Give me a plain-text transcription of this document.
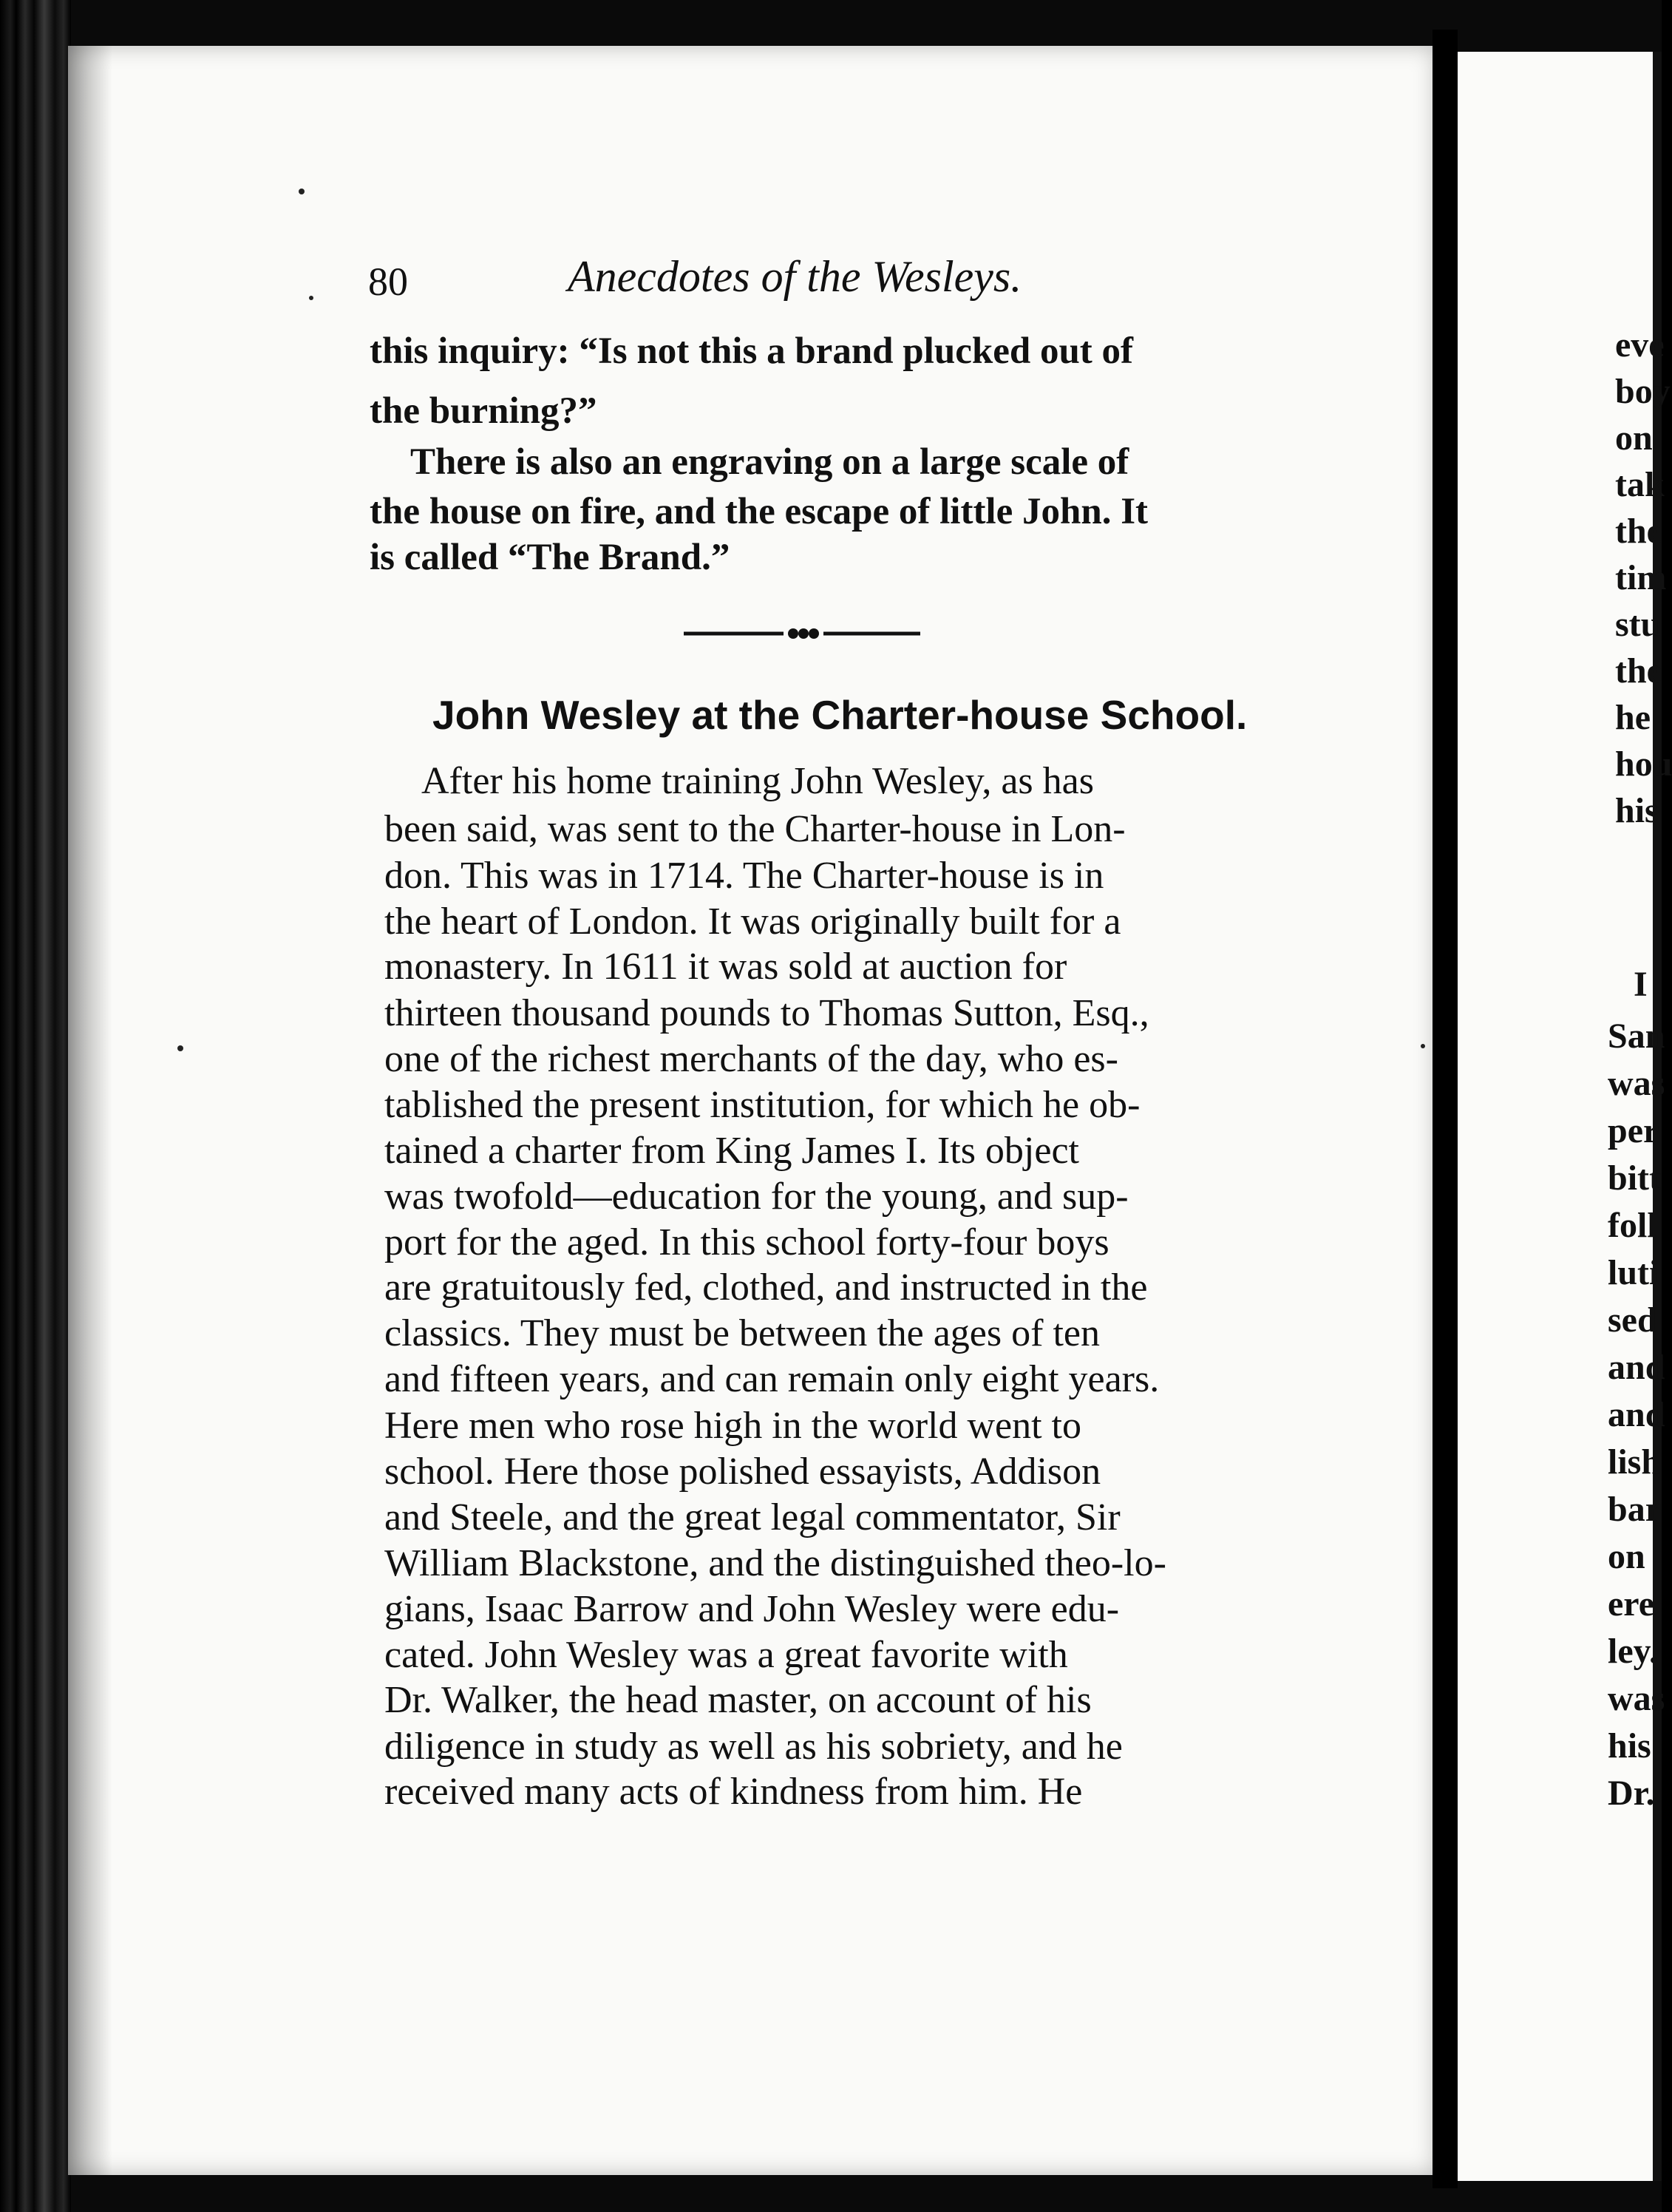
80	Anecdotes of the Wesleys.
this inquiry: “Is not this a brand plucked out of
the burning?”
There is also an engraving on a large scale of
the house on fire, and the escape of little John. It
is called “The Brand.”
John Wesley at the Charter-house School.
After his home training John Wesley, as has
been said, was sent to the Charter-house in Lon-
don. This was in 1714. The Charter-house is in
the heart of London. It was originally built for a
monastery. In 1611 it was sold at auction for
thirteen thousand pounds to Thomas Sutton, Esq.,
one of the richest merchants of the day, who es-
tablished the present institution, for which he ob-
tained a charter from King James I. Its object
was twofold—education for the young, and sup-
port for the aged. In this school forty-four boys
are gratuitously fed, clothed, and instructed in the
classics. They must be between the ages of ten
and fifteen years, and can remain only eight years.
Here men who rose high in the world went to
school. Here those polished essayists, Addison
and Steele, and the great legal commentator, Sir
William Blackstone, and the distinguished theo-lo-
gians, Isaac Barrow and John Wesley were edu-
cated. John Wesley was a great favorite with
Dr. Walker, the head master, on account of his
diligence in study as well as his sobriety, and he
received many acts of kindness from him. He
eve
boy
on
tak
the
tim
stu
the
he
hou
his
I
San
was
per
bitt
foll
luti
sed
and
and
lish
bar
on
ere
ley.
was
his
Dr.
